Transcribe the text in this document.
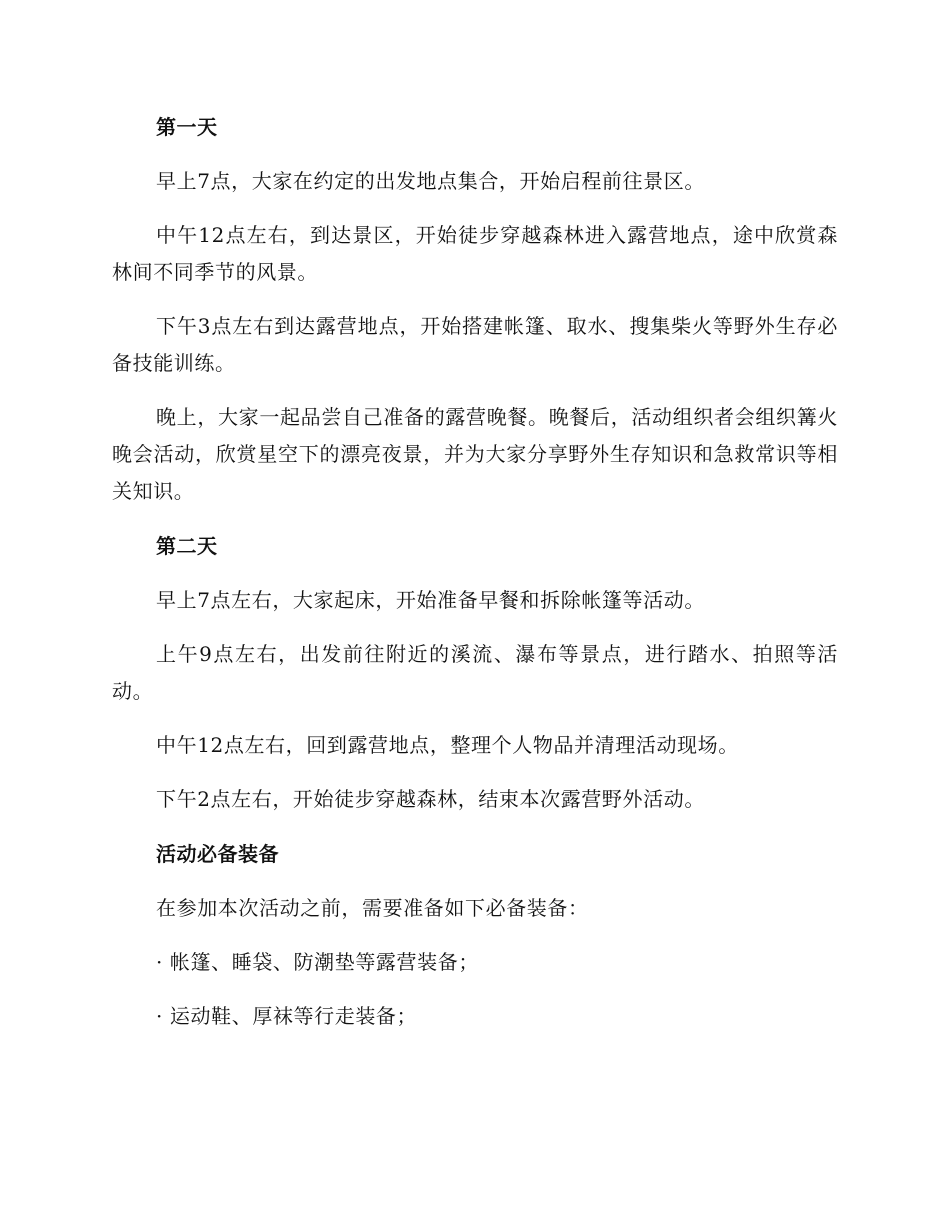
第一天

早上7点，大家在约定的出发地点集合，开始启程前往景区。

中午12点左右，到达景区，开始徒步穿越森林进入露营地点，途中欣赏森林间不同季节的风景。

下午3点左右到达露营地点，开始搭建帐篷、取水、搜集柴火等野外生存必备技能训练。

晚上，大家一起品尝自己准备的露营晚餐。晚餐后，活动组织者会组织篝火晚会活动，欣赏星空下的漂亮夜景，并为大家分享野外生存知识和急救常识等相关知识。

第二天

早上7点左右，大家起床，开始准备早餐和拆除帐篷等活动。

上午9点左右，出发前往附近的溪流、瀑布等景点，进行踏水、拍照等活动。

中午12点左右，回到露营地点，整理个人物品并清理活动现场。

下午2点左右，开始徒步穿越森林，结束本次露营野外活动。

活动必备装备

在参加本次活动之前，需要准备如下必备装备：

· 帐篷、睡袋、防潮垫等露营装备；

· 运动鞋、厚袜等行走装备；
